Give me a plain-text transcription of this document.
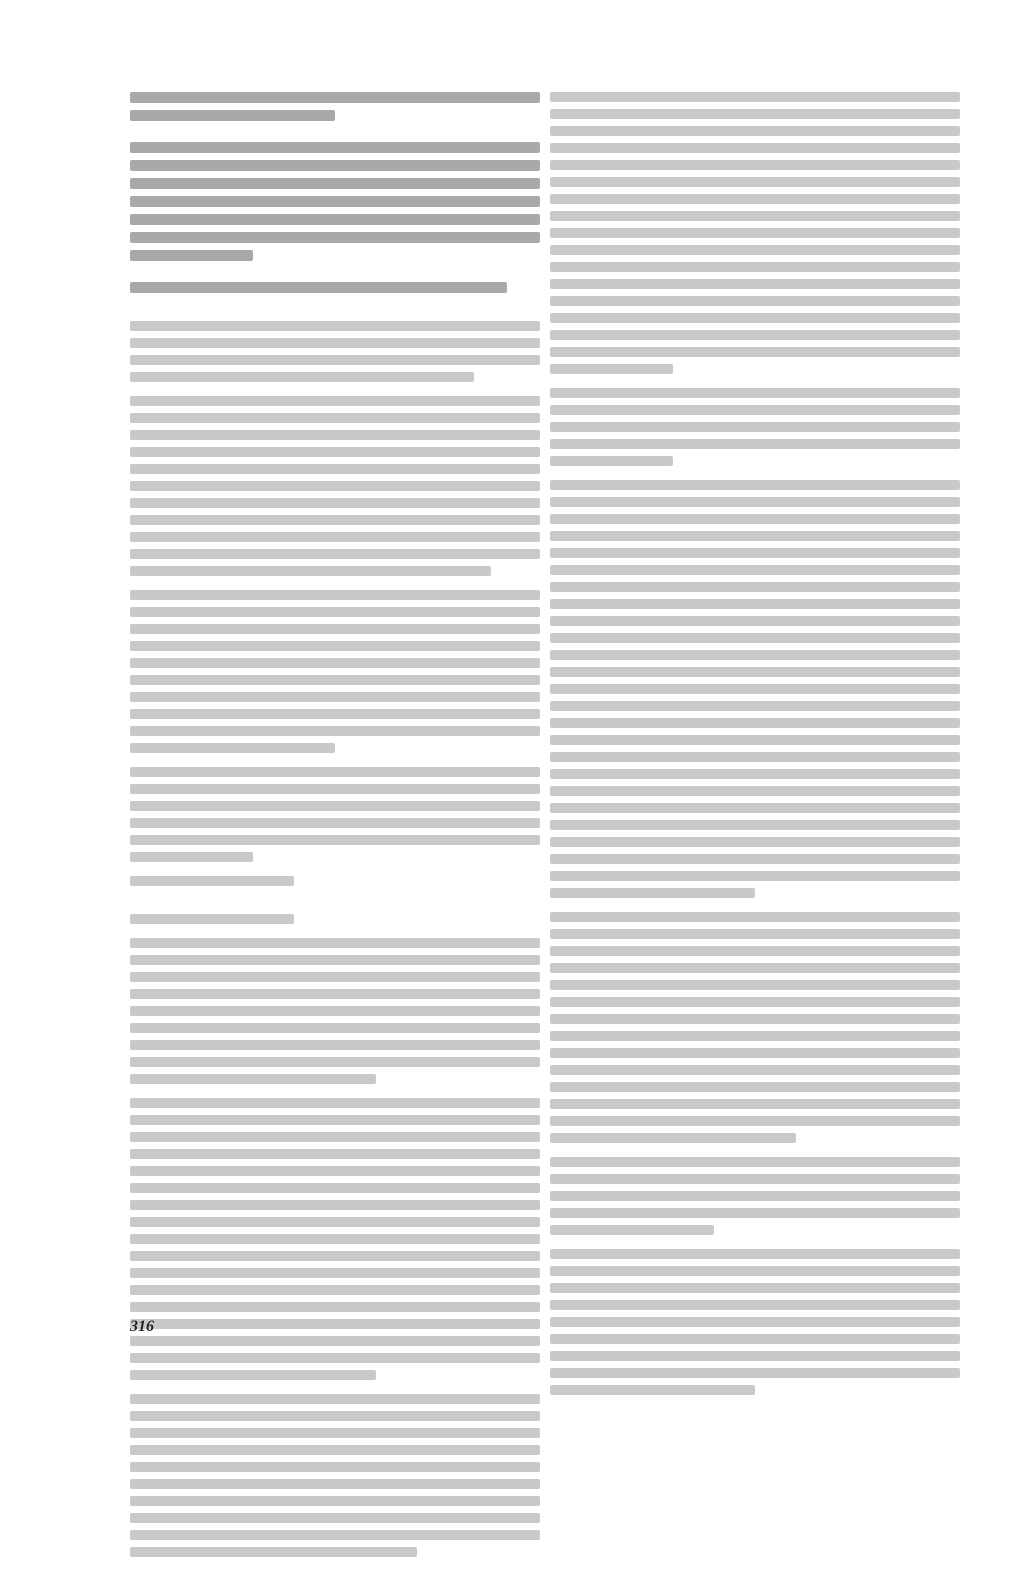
316
